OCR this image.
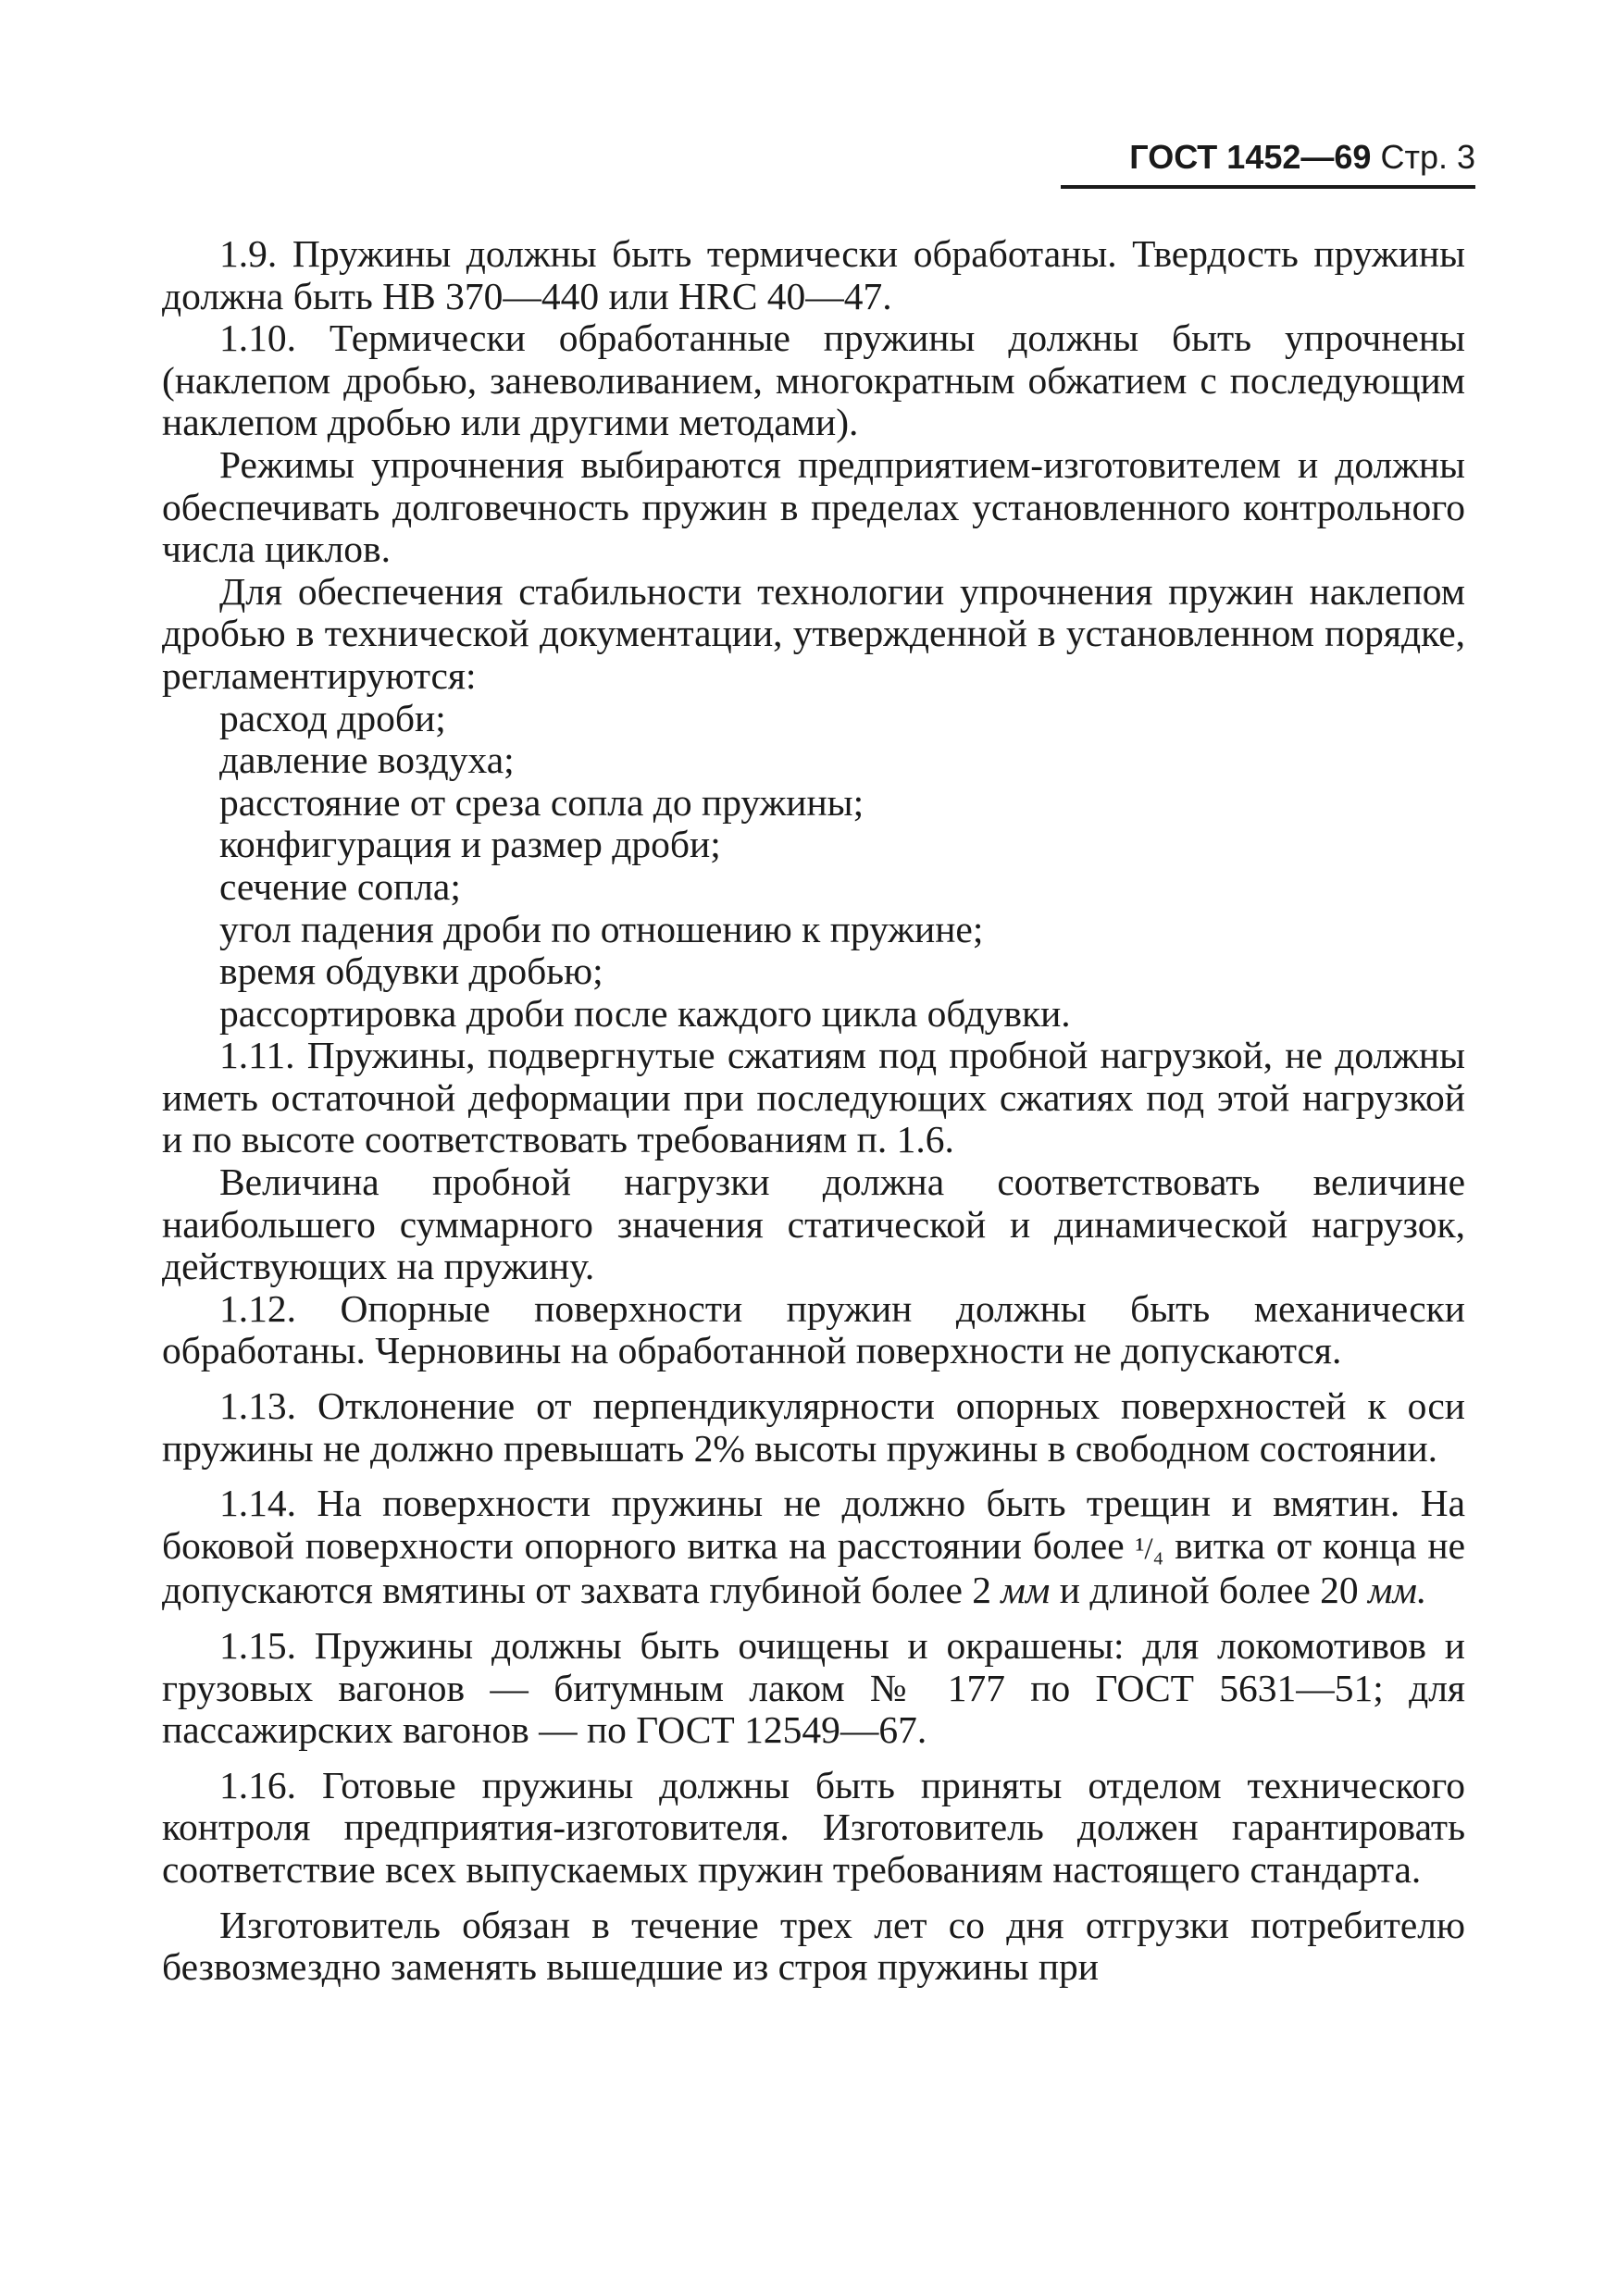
ГОСТ 1452—69 Стр. 3

1.9. Пружины должны быть термически обработаны. Твердость пружины должна быть НВ 370—440 или HRC 40—47.

1.10. Термически обработанные пружины должны быть упрочнены (наклепом дробью, заневоливанием, многократным обжатием с последующим наклепом дробью или другими методами).

Режимы упрочнения выбираются предприятием-изготовителем и должны обеспечивать долговечность пружин в пределах установленного контрольного числа циклов.

Для обеспечения стабильности технологии упрочнения пружин наклепом дробью в технической документации, утвержденной в установленном порядке, регламентируются:

расход дроби;
давление воздуха;
расстояние от среза сопла до пружины;
конфигурация и размер дроби;
сечение сопла;
угол падения дроби по отношению к пружине;
время обдувки дробью;
рассортировка дроби после каждого цикла обдувки.

1.11. Пружины, подвергнутые сжатиям под пробной нагрузкой, не должны иметь остаточной деформации при последующих сжатиях под этой нагрузкой и по высоте соответствовать требованиям п. 1.6.

Величина пробной нагрузки должна соответствовать величине наибольшего суммарного значения статической и динамической нагрузок, действующих на пружину.

1.12. Опорные поверхности пружин должны быть механически обработаны. Черновины на обработанной поверхности не допускаются.

1.13. Отклонение от перпендикулярности опорных поверхностей к оси пружины не должно превышать 2% высоты пружины в свободном состоянии.

1.14. На поверхности пружины не должно быть трещин и вмятин. На боковой поверхности опорного витка на расстоянии более ¹/₄ витка от конца не допускаются вмятины от захвата глубиной более 2 мм и длиной более 20 мм.

1.15. Пружины должны быть очищены и окрашены: для локомотивов и грузовых вагонов — битумным лаком № 177 по ГОСТ 5631—51; для пассажирских вагонов — по ГОСТ 12549—67.

1.16. Готовые пружины должны быть приняты отделом технического контроля предприятия-изготовителя. Изготовитель должен гарантировать соответствие всех выпускаемых пружин требованиям настоящего стандарта.

Изготовитель обязан в течение трех лет со дня отгрузки потребителю безвозмездно заменять вышедшие из строя пружины при
